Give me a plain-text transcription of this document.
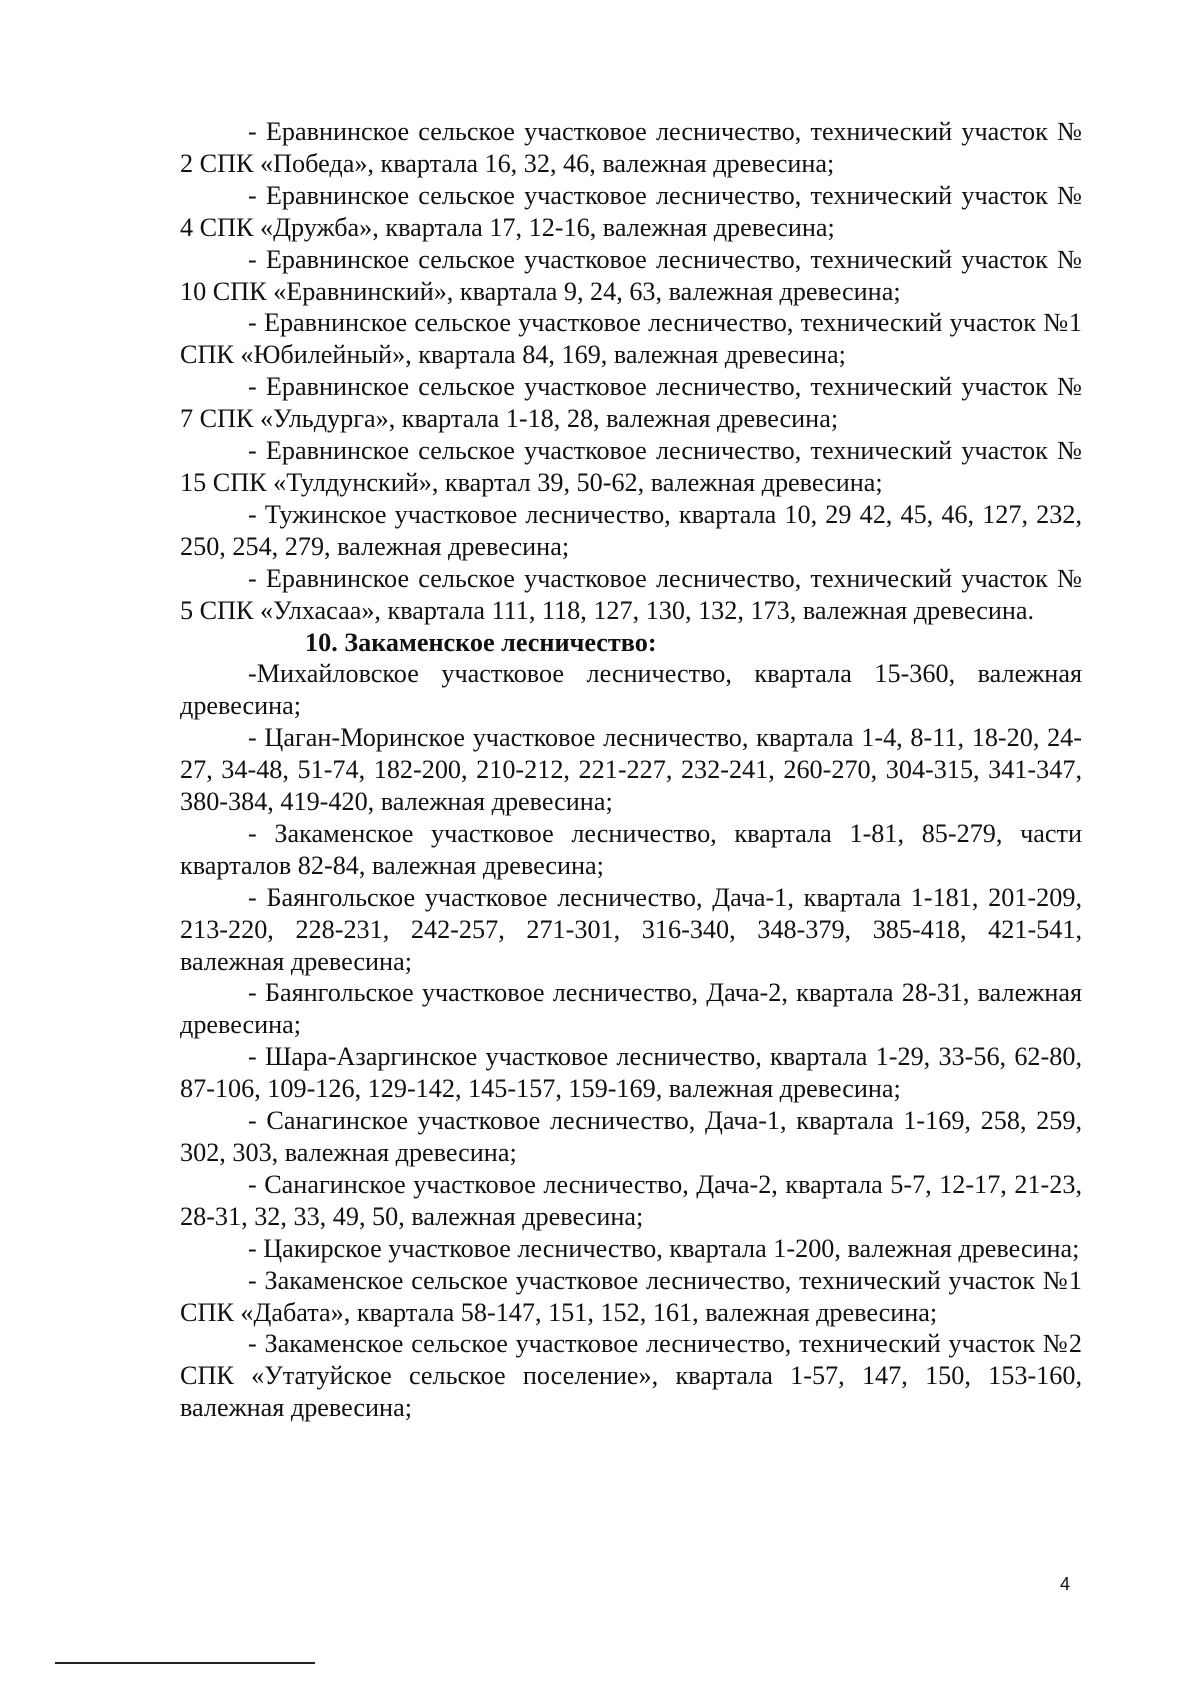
- Еравнинское сельское участковое лесничество, технический участок № 2 СПК «Победа», квартала 16, 32, 46, валежная древесина;

- Еравнинское сельское участковое лесничество, технический участок № 4 СПК «Дружба», квартала 17, 12-16, валежная древесина;

- Еравнинское сельское участковое лесничество, технический участок № 10 СПК «Еравнинский», квартала 9, 24, 63, валежная древесина;

- Еравнинское сельское участковое лесничество, технический участок №1 СПК «Юбилейный», квартала 84, 169, валежная древесина;

- Еравнинское сельское участковое лесничество, технический участок № 7 СПК «Ульдурга», квартала 1-18, 28, валежная древесина;

- Еравнинское сельское участковое лесничество, технический участок № 15 СПК «Тулдунский», квартал 39, 50-62, валежная древесина;

- Тужинское участковое лесничество, квартала 10, 29 42, 45, 46, 127, 232, 250, 254, 279, валежная древесина;

- Еравнинское сельское участковое лесничество, технический участок № 5 СПК «Улхасаа», квартала 111, 118, 127, 130, 132, 173, валежная древесина.

10. Закаменское лесничество:

-Михайловское участковое лесничество, квартала 15-360, валежная древесина;

- Цаган-Моринское участковое лесничество, квартала 1-4, 8-11, 18-20, 24-27, 34-48, 51-74, 182-200, 210-212, 221-227, 232-241, 260-270, 304-315, 341-347, 380-384, 419-420, валежная древесина;

- Закаменское участковое лесничество, квартала 1-81, 85-279, части кварталов 82-84, валежная древесина;

- Баянгольское участковое лесничество, Дача-1, квартала 1-181, 201-209, 213-220, 228-231, 242-257, 271-301, 316-340, 348-379, 385-418, 421-541, валежная древесина;

- Баянгольское участковое лесничество, Дача-2, квартала 28-31, валежная древесина;

- Шара-Азаргинское участковое лесничество, квартала 1-29, 33-56, 62-80, 87-106, 109-126, 129-142, 145-157, 159-169, валежная древесина;

- Санагинское участковое лесничество, Дача-1, квартала 1-169, 258, 259, 302, 303, валежная древесина;

- Санагинское участковое лесничество, Дача-2, квартала 5-7, 12-17, 21-23, 28-31, 32, 33, 49, 50, валежная древесина;

- Цакирское участковое лесничество, квартала 1-200, валежная древесина;

- Закаменское сельское участковое лесничество, технический участок №1 СПК «Дабата», квартала 58-147, 151, 152, 161, валежная древесина;

- Закаменское сельское участковое лесничество, технический участок №2 СПК «Утатуйское сельское поселение», квартала 1-57, 147, 150, 153-160, валежная древесина;

4
